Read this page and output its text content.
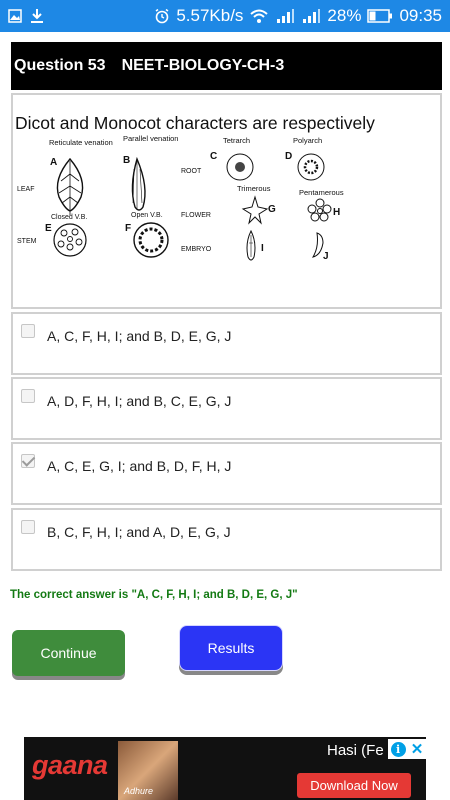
5.57Kb/s	28% 09:35
Question 53 NEET-BIOLOGY-CH-3
Dicot and Monocot characters are respectively
LEAF
STEM
ROOT
FLOWER
EMBRYO
Reticulate venation
A
Parallel venation
B
Tetrarch
C
Polyarch
D
Closed V.B.
E
Open V.B.
F
Trimerous
G
Pentamerous
H
I
J
A, C, F, H, I; and B, D, E, G, J
A, D, F, H, I; and B, C, E, G, J
A, C, E, G, I; and B, D, F, H, J
B, C, F, H, I; and A, D, E, G, J
The correct answer is "A, C, F, H, I; and B, D, E, G, J"
Continue	Results
gaana
Adhure
Hasi (Fe
Download Now
i ✕
